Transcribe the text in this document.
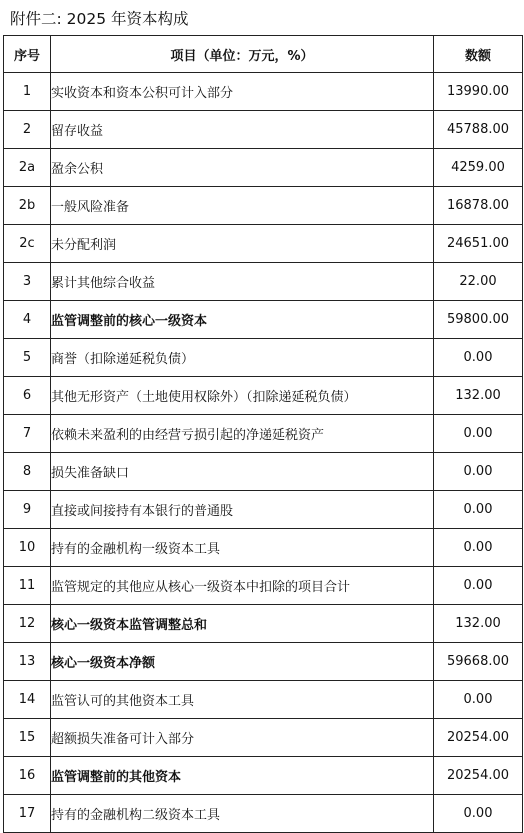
附件二: 2025 年资本构成
序号	项目（单位：万元，%）	数额
1	实收资本和资本公积可计入部分	13990.00
2	留存收益	45788.00
2a	盈余公积	4259.00
2b	一般风险准备	16878.00
2c	未分配利润	24651.00
3	累计其他综合收益	22.00
4	监管调整前的核心一级资本	59800.00
5	商誉（扣除递延税负债）	0.00
6	其他无形资产（土地使用权除外）（扣除递延税负债）	132.00
7	依赖未来盈利的由经营亏损引起的净递延税资产	0.00
8	损失准备缺口	0.00
9	直接或间接持有本银行的普通股	0.00
10	持有的金融机构一级资本工具	0.00
11	监管规定的其他应从核心一级资本中扣除的项目合计	0.00
12	核心一级资本监管调整总和	132.00
13	核心一级资本净额	59668.00
14	监管认可的其他资本工具	0.00
15	超额损失准备可计入部分	20254.00
16	监管调整前的其他资本	20254.00
17	持有的金融机构二级资本工具	0.00
